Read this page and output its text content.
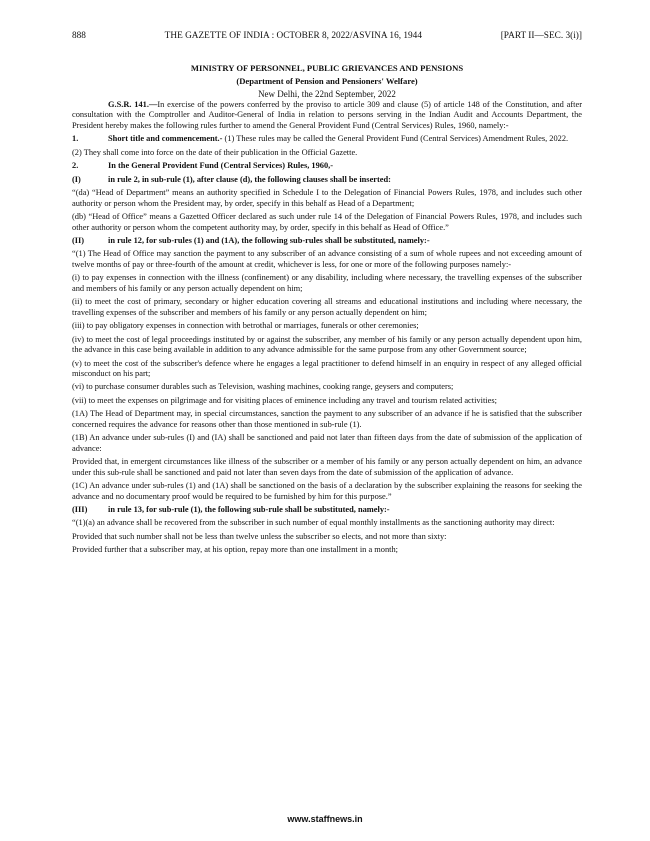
888	THE GAZETTE OF INDIA : OCTOBER 8, 2022/ASVINA 16, 1944	[PART II—SEC. 3(i)]
MINISTRY OF PERSONNEL, PUBLIC GRIEVANCES AND PENSIONS
(Department of Pension and Pensioners' Welfare)
New Delhi, the 22nd September, 2022

G.S.R. 141.—In exercise of the powers conferred by the proviso to article 309 and clause (5) of article 148 of the Constitution, and after consultation with the Comptroller and Auditor-General of India in relation to persons serving in the Indian Audit and Accounts Department, the President hereby makes the following rules further to amend the General Provident Fund (Central Services) Rules, 1960, namely:-

1.	Short title and commencement.- (1) These rules may be called the General Provident Fund (Central Services) Amendment Rules, 2022.

(2) They shall come into force on the date of their publication in the Official Gazette.

2.	In the General Provident Fund (Central Services) Rules, 1960,-
(I)	in rule 2, in sub-rule (1), after clause (d), the following clauses shall be inserted:

“(da) “Head of Department” means an authority specified in Schedule I to the Delegation of Financial Powers Rules, 1978, and includes such other authority or person whom the President may, by order, specify in this behalf as Head of a Department;

(db) “Head of Office” means a Gazetted Officer declared as such under rule 14 of the Delegation of Financial Powers Rules, 1978, and includes such other authority or person whom the competent authority may, by order, specify in this behalf as Head of Office.”

(II)	in rule 12, for sub-rules (1) and (1A), the following sub-rules shall be substituted, namely:-

“(1) The Head of Office may sanction the payment to any subscriber of an advance consisting of a sum of whole rupees and not exceeding amount of twelve months of pay or three-fourth of the amount at credit, whichever is less, for one or more of the following purposes namely:-

(i) to pay expenses in connection with the illness (confinement) or any disability, including where necessary, the travelling expenses of the subscriber and members of his family or any person actually dependent on him;

(ii) to meet the cost of primary, secondary or higher education covering all streams and educational institutions and including where necessary, the travelling expenses of the subscriber and members of his family or any person actually dependent on him;

(iii) to pay obligatory expenses in connection with betrothal or marriages, funerals or other ceremonies;

(iv) to meet the cost of legal proceedings instituted by or against the subscriber, any member of his family or any person actually dependent upon him, the advance in this case being available in addition to any advance admissible for the same purpose from any other Government source;

(v) to meet the cost of the subscriber's defence where he engages a legal practitioner to defend himself in an enquiry in respect of any alleged official misconduct on his part;

(vi) to purchase consumer durables such as Television, washing machines, cooking range, geysers and computers;

(vii) to meet the expenses on pilgrimage and for visiting places of eminence including any travel and tourism related activities;

(1A) The Head of Department may, in special circumstances, sanction the payment to any subscriber of an advance if he is satisfied that the subscriber concerned requires the advance for reasons other than those mentioned in sub-rule (1).

(1B) An advance under sub-rules (I) and (IA) shall be sanctioned and paid not later than fifteen days from the date of submission of the application of advance:

Provided that, in emergent circumstances like illness of the subscriber or a member of his family or any person actually dependent on him, an advance under this sub-rule shall be sanctioned and paid not later than seven days from the date of submission of the application of advance.

(1C) An advance under sub-rules (1) and (1A) shall be sanctioned on the basis of a declaration by the subscriber explaining the reasons for seeking the advance and no documentary proof would be required to be furnished by him for this purpose.”

(III)	in rule 13, for sub-rule (1), the following sub-rule shall be substituted, namely:-

“(1)(a) an advance shall be recovered from the subscriber in such number of equal monthly installments as the sanctioning authority may direct:

Provided that such number shall not be less than twelve unless the subscriber so elects, and not more than sixty:

Provided further that a subscriber may, at his option, repay more than one installment in a month;

www.staffnews.in
